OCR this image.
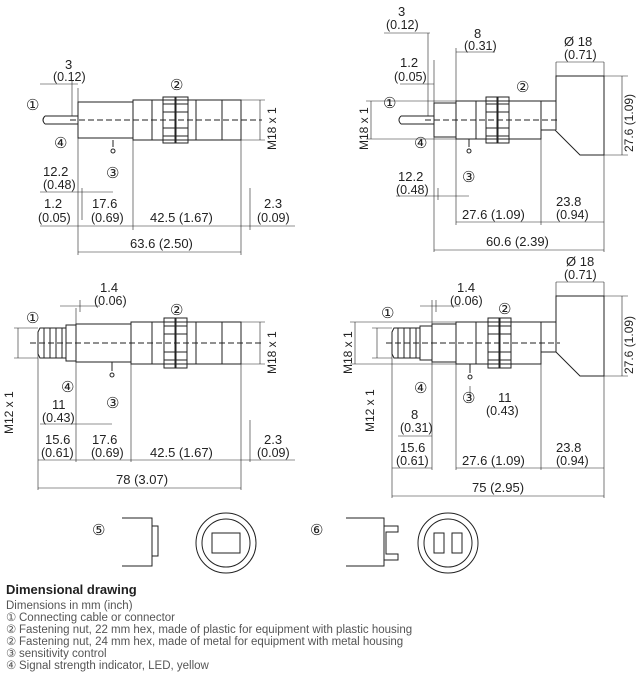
①
④
②
③
①
④
②
③
①	②
④
③
①	②
④
③
⑤	⑥
3
(0.12)
12.2
(0.48)
1.2
(0.05)
17.6
(0.69) 42.5 (1.67)
2.3
(0.09)
63.6 (2.50)
M18 x 1
3
(0.12)
8
(0.31)
1.2
(0.05)
Ø 18
(0.71)
27.6 (1.09)
M18 x 1
12.2
(0.48)
23.8
(0.94)
27.6 (1.09)
60.6 (2.39)
1.4
(0.06)
M12 x 1	11
(0.43)
15.6
(0.61)
17.6
(0.69) 42.5 (1.67)
2.3
(0.09)
78 (3.07)
M18 x 1
Ø 18
(0.71)
1.4
(0.06)
27.6 (1.09)
M18 x 1
M12 x 1	11
(0.43)
8
(0.31)
15.6
(0.61)	27.6 (1.09)
23.8
(0.94)
75 (2.95)
Dimensional drawing

Dimensions in mm (inch)

① Connecting cable or connector

② Fastening nut, 22 mm hex, made of plastic for equipment with plastic housing

② Fastening nut, 24 mm hex, made of metal for equipment with metal housing

③ sensitivity control

④ Signal strength indicator, LED, yellow
